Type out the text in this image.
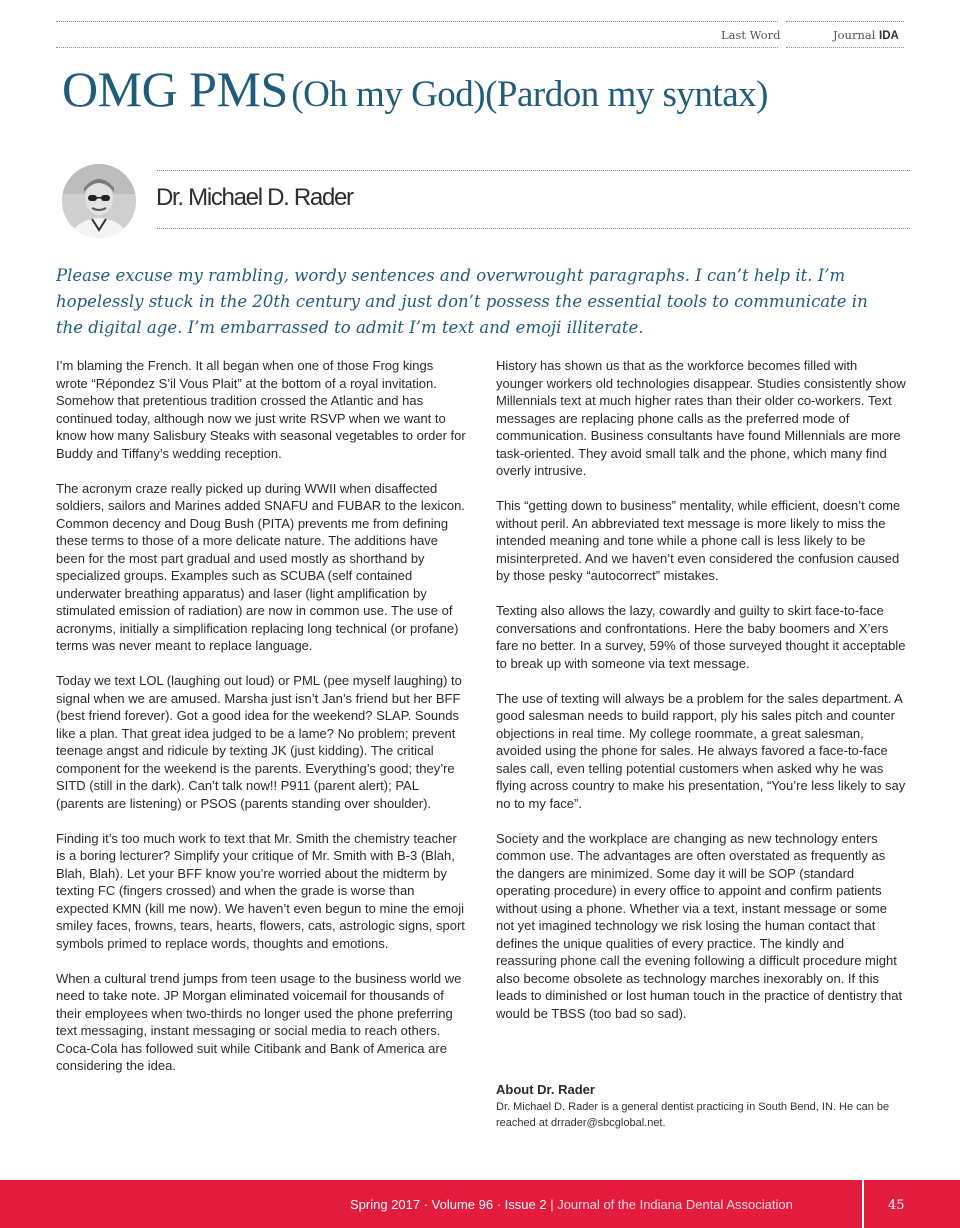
Last Word	Journal IDA
OMG PMS (Oh my God)(Pardon my syntax)
Dr. Michael D. Rader
Please excuse my rambling, wordy sentences and overwrought paragraphs. I can’t help it. I’m hopelessly stuck in the 20th century and just don’t possess the essential tools to communicate in the digital age. I’m embarrassed to admit I’m text and emoji illiterate.

I’m blaming the French. It all began when one of those Frog kings wrote “Répondez S’il Vous Plait” at the bottom of a royal invitation. Somehow that pretentious tradition crossed the Atlantic and has continued today, although now we just write RSVP when we want to know how many Salisbury Steaks with seasonal vegetables to order for Buddy and Tiffany’s wedding reception.

The acronym craze really picked up during WWII when disaffected soldiers, sailors and Marines added SNAFU and FUBAR to the lexicon. Common decency and Doug Bush (PITA) prevents me from defining these terms to those of a more delicate nature. The additions have been for the most part gradual and used mostly as shorthand by specialized groups. Examples such as SCUBA (self contained underwater breathing apparatus) and laser (light amplification by stimulated emission of radiation) are now in common use. The use of acronyms, initially a simplification replacing long technical (or profane) terms was never meant to replace language.

Today we text LOL (laughing out loud) or PML (pee myself laughing) to signal when we are amused. Marsha just isn’t Jan’s friend but her BFF (best friend forever). Got a good idea for the weekend? SLAP. Sounds like a plan. That great idea judged to be a lame? No problem; prevent teenage angst and ridicule by texting JK (just kidding). The critical component for the weekend is the parents. Everything’s good; they’re SITD (still in the dark). Can’t talk now!! P911 (parent alert); PAL (parents are listening) or PSOS (parents standing over shoulder).

Finding it’s too much work to text that Mr. Smith the chemistry teacher is a boring lecturer? Simplify your critique of Mr. Smith with B-3 (Blah, Blah, Blah). Let your BFF know you’re worried about the midterm by texting FC (fingers crossed) and when the grade is worse than expected KMN (kill me now). We haven’t even begun to mine the emoji smiley faces, frowns, tears, hearts, flowers, cats, astrologic signs, sport symbols primed to replace words, thoughts and emotions.

When a cultural trend jumps from teen usage to the business world we need to take note. JP Morgan eliminated voicemail for thousands of their employees when two-thirds no longer used the phone preferring text messaging, instant messaging or social media to reach others. Coca-Cola has followed suit while Citibank and Bank of America are considering the idea.

History has shown us that as the workforce becomes filled with younger workers old technologies disappear. Studies consistently show Millennials text at much higher rates than their older co-workers. Text messages are replacing phone calls as the preferred mode of communication. Business consultants have found Millennials are more task-oriented. They avoid small talk and the phone, which many find overly intrusive.

This “getting down to business” mentality, while efficient, doesn’t come without peril. An abbreviated text message is more likely to miss the intended meaning and tone while a phone call is less likely to be misinterpreted. And we haven’t even considered the confusion caused by those pesky “autocorrect” mistakes.

Texting also allows the lazy, cowardly and guilty to skirt face-to-face conversations and confrontations. Here the baby boomers and X’ers fare no better. In a survey, 59% of those surveyed thought it acceptable to break up with someone via text message.

The use of texting will always be a problem for the sales department. A good salesman needs to build rapport, ply his sales pitch and counter objections in real time. My college roommate, a great salesman, avoided using the phone for sales. He always favored a face-to-face sales call, even telling potential customers when asked why he was flying across country to make his presentation, “You’re less likely to say no to my face”.

Society and the workplace are changing as new technology enters common use. The advantages are often overstated as frequently as the dangers are minimized. Some day it will be SOP (standard operating procedure) in every office to appoint and confirm patients without using a phone. Whether via a text, instant message or some not yet imagined technology we risk losing the human contact that defines the unique qualities of every practice. The kindly and reassuring phone call the evening following a difficult procedure might also become obsolete as technology marches inexorably on. If this leads to diminished or lost human touch in the practice of dentistry that would be TBSS (too bad so sad).

About Dr. Rader
Dr. Michael D. Rader is a general dentist practicing in South Bend, IN. He can be reached at drrader@sbcglobal.net.
Spring 2017 · Volume 96 · Issue 2 | Journal of the Indiana Dental Association	45
